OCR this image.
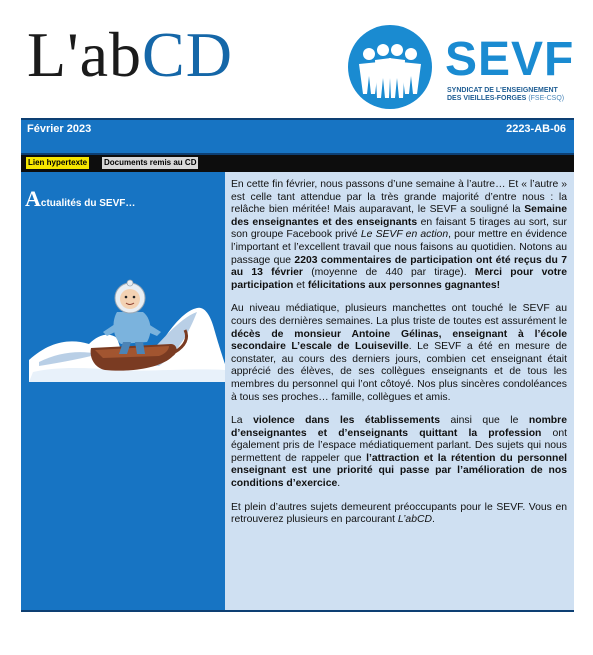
L'abCD	SEVF
SYNDICAT DE L'ENSEIGNEMENT
DES VIEILLES-FORGES (FSE-CSQ)
Février 2023	2223-AB-06
Lien hypertexte Documents remis au CD
Actualités du SEVF…

En cette fin février, nous passons d’une semaine à l’autre… Et « l’autre » est celle tant attendue par la très grande majorité d’entre nous : la relâche bien méritée! Mais auparavant, le SEVF a souligné la Semaine des enseignantes et des enseignants en faisant 5 tirages au sort, sur son groupe Facebook privé Le SEVF en action, pour mettre en évidence l’important et l’excellent travail que nous faisons au quotidien. Notons au passage que 2203 commentaires de participation ont été reçus du 7 au 13 février (moyenne de 440 par tirage). Merci pour votre participation et félicitations aux personnes gagnantes!

Au niveau médiatique, plusieurs manchettes ont touché le SEVF au cours des dernières semaines. La plus triste de toutes est assurément le décès de monsieur Antoine Gélinas, enseignant à l’école secondaire L’escale de Louiseville. Le SEVF a été en mesure de constater, au cours des derniers jours, combien cet enseignant était apprécié des élèves, de ses collègues enseignants et de tous les membres du personnel qui l’ont côtoyé. Nos plus sincères condoléances à tous ses proches… famille, collègues et amis.

La violence dans les établissements ainsi que le nombre d’enseignantes et d’enseignants quittant la profession ont également pris de l’espace médiatiquement parlant. Des sujets qui nous permettent de rappeler que l’attraction et la rétention du personnel enseignant est une priorité qui passe par l’amélioration de nos conditions d’exercice.

Et plein d’autres sujets demeurent préoccupants pour le SEVF. Vous en retrouverez plusieurs en parcourant L’abCD.
